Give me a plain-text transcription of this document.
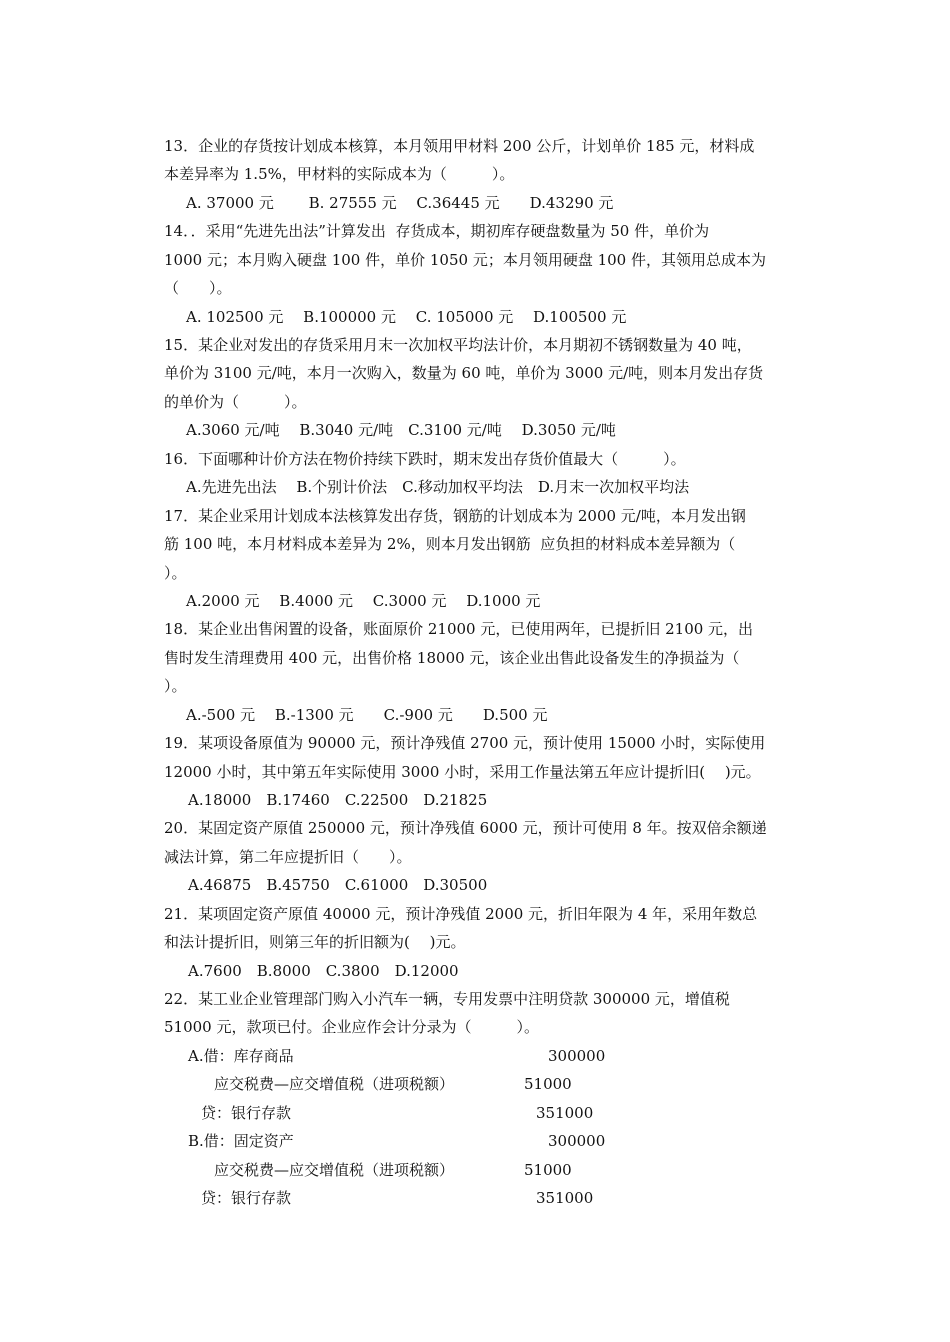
13．企业的存货按计划成本核算，本月领用甲材料 200 公斤，计划单价 185 元，材料成
本差异率为 1.5%，甲材料的实际成本为（　　　）。
A. 37000 元　　 B. 27555 元　 C.36445 元　　D.43290 元
14．．采用“先进先出法”计算发出  存货成本，期初库存硬盘数量为 50 件，单价为
1000 元；本月购入硬盘 100 件，单价 1050 元；本月领用硬盘 100 件，其领用总成本为
（　　）。
A. 102500 元　 B.100000 元　 C. 105000 元　 D.100500 元
15．某企业对发出的存货采用月末一次加权平均法计价，本月期初不锈钢数量为 40 吨，
单价为 3100 元/吨，本月一次购入，数量为 60 吨，单价为 3000 元/吨，则本月发出存货
的单价为（　　　）。
A.3060 元/吨　 B.3040 元/吨　C.3100 元/吨　 D.3050 元/吨
16．下面哪种计价方法在物价持续下跌时，期末发出存货价值最大（　　　）。
A.先进先出法　 B.个别计价法　C.移动加权平均法　D.月末一次加权平均法
17．某企业采用计划成本法核算发出存货，钢筋的计划成本为 2000 元/吨，本月发出钢
筋 100 吨，本月材料成本差异为 2%，则本月发出钢筋  应负担的材料成本差异额为（
）。
A.2000 元　 B.4000 元　 C.3000 元　 D.1000 元
18．某企业出售闲置的设备，账面原价 21000 元，已使用两年，已提折旧 2100 元，出
售时发生清理费用 400 元，出售价格 18000 元，该企业出售此设备发生的净损益为（
）。
A.-500 元　 B.-1300 元　　C.-900 元　　D.500 元
19．某项设备原值为 90000 元，预计净残值 2700 元，预计使用 15000 小时，实际使用
12000 小时，其中第五年实际使用 3000 小时，采用工作量法第五年应计提折旧(　 )元。
A.18000　B.17460　C.22500　D.21825
20．某固定资产原值 250000 元，预计净残值 6000 元，预计可使用 8 年。按双倍余额递
减法计算，第二年应提折旧（　　）。
A.46875　B.45750　C.61000　D.30500
21．某项固定资产原值 40000 元，预计净残值 2000 元，折旧年限为 4 年，采用年数总
和法计提折旧，则第三年的折旧额为(　 )元。
A.7600　B.8000　C.3800　D.12000
22．某工业企业管理部门购入小汽车一辆，专用发票中注明贷款 300000 元，增值税
51000 元，款项已付。企业应作会计分录为（　　　）。
A.借：库存商品	300000
应交税费—应交增值税（进项税额）	51000
贷：银行存款	351000
B.借：固定资产	300000
应交税费—应交增值税（进项税额）	51000
贷：银行存款	351000
